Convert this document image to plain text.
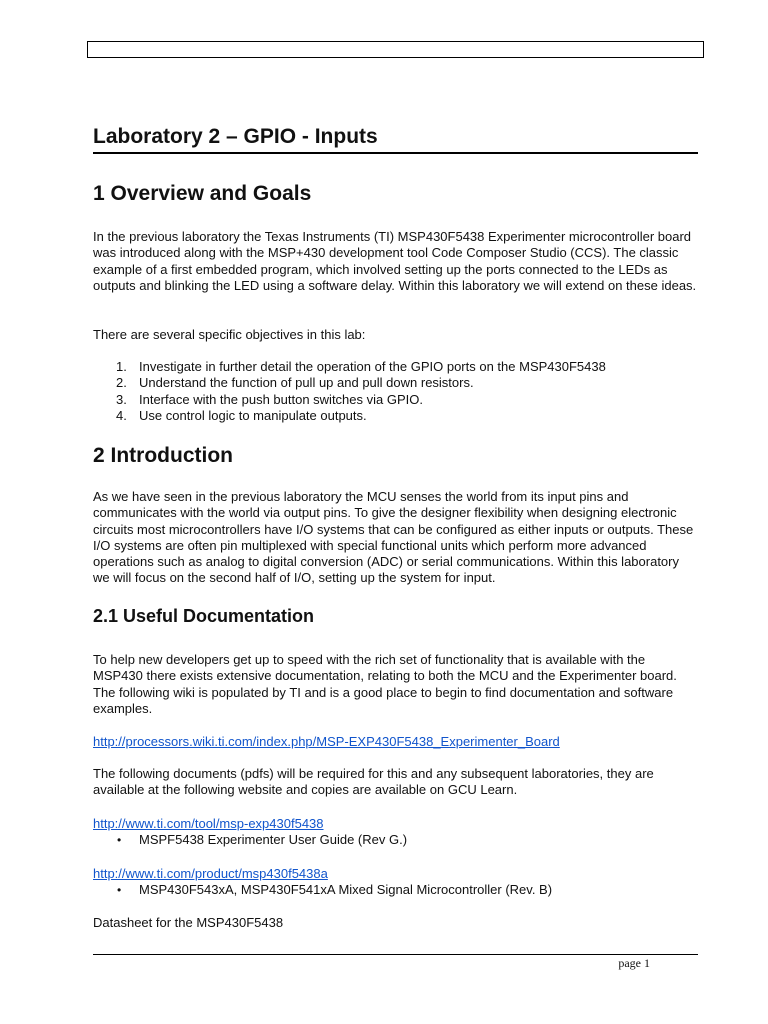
Laboratory 2 – GPIO - Inputs
1 Overview and Goals

In the previous laboratory the Texas Instruments (TI) MSP430F5438 Experimenter microcontroller board was introduced along with the MSP+430 development tool Code Composer Studio (CCS). The classic example of a first embedded program, which involved setting up the ports connected to the LEDs as outputs and blinking the LED using a software delay. Within this laboratory we will extend on these ideas.

There are several specific objectives in this lab:

1. Investigate in further detail the operation of the GPIO ports on the MSP430F5438
2. Understand the function of pull up and pull down resistors.
3. Interface with the push button switches via GPIO.
4. Use control logic to manipulate outputs.
2 Introduction

As we have seen in the previous laboratory the MCU senses the world from its input pins and communicates with the world via output pins. To give the designer flexibility when designing electronic circuits most microcontrollers have I/O systems that can be configured as either inputs or outputs. These I/O systems are often pin multiplexed with special functional units which perform more advanced operations such as analog to digital conversion (ADC) or serial communications. Within this laboratory we will focus on the second half of I/O, setting up the system for input.

2.1 Useful Documentation

To help new developers get up to speed with the rich set of functionality that is available with the MSP430 there exists extensive documentation, relating to both the MCU and the Experimenter board. The following wiki is populated by TI and is a good place to begin to find documentation and software examples.

http://processors.wiki.ti.com/index.php/MSP-EXP430F5438_Experimenter_Board

The following documents (pdfs) will be required for this and any subsequent laboratories, they are available at the following website and copies are available on GCU Learn.

http://www.ti.com/tool/msp-exp430f5438
• MSPF5438 Experimenter User Guide (Rev G.)
http://www.ti.com/product/msp430f5438a
• MSP430F543xA, MSP430F541xA Mixed Signal Microcontroller (Rev. B)

Datasheet for the MSP430F5438

page 1
